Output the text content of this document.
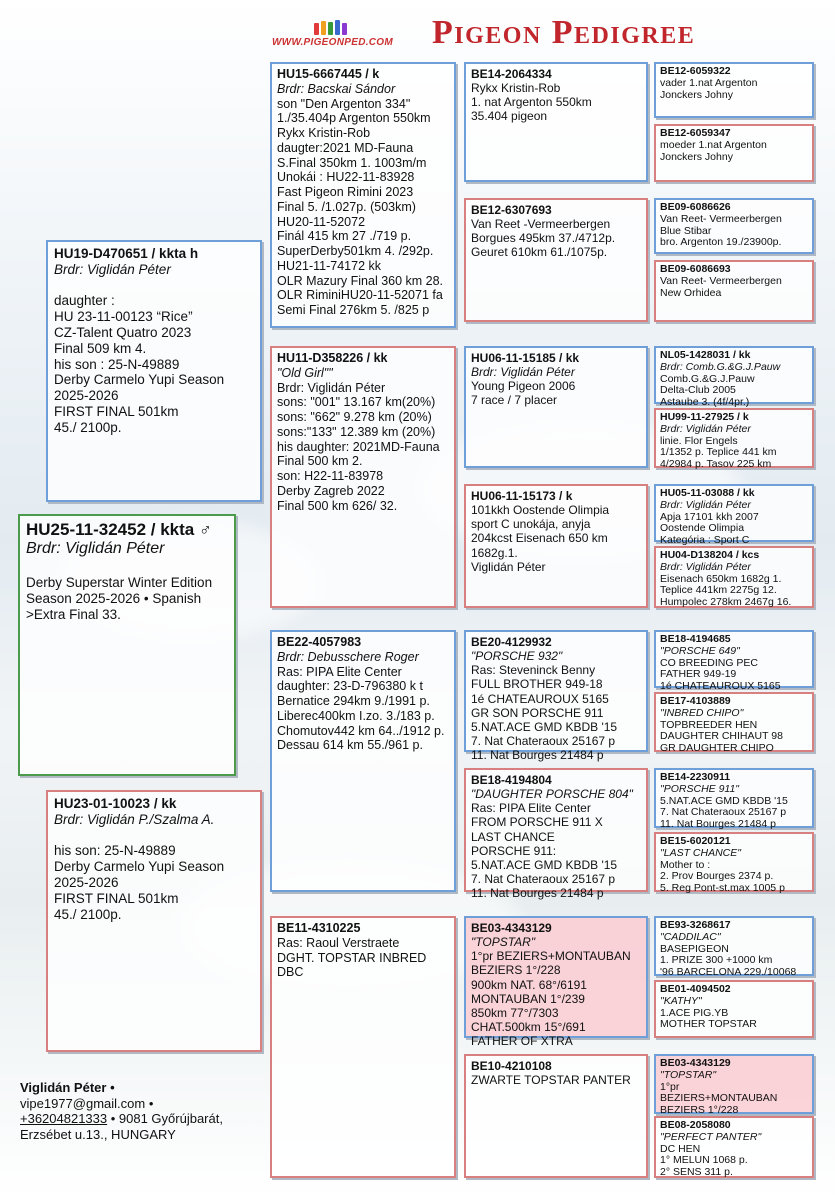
WWW.PIGEONPED.COM Pigeon Pedigree
HU25-11-32452 / kkta ♂
Brdr: Viglidán Péter
Derby Superstar Winter Edition
Season 2025-2026 • Spanish
>Extra Final 33.
HU19-D470651 / kkta h
Brdr: Viglidán Péter
daughter :
HU 23-11-00123 “Rice”
CZ-Talent Quatro 2023
Final 509 km 4.
his son : 25-N-49889
Derby Carmelo Yupi Season
2025-2026
FIRST FINAL 501km
45./ 2100p.
HU23-01-10023 / kk
Brdr: Viglidán P./Szalma A.
his son: 25-N-49889
Derby Carmelo Yupi Season
2025-2026
FIRST FINAL 501km
45./ 2100p.
HU15-6667445 / k
Brdr: Bacskai Sándor
son "Den Argenton 334"
1./35.404p Argenton 550km
Rykx Kristin-Rob
daugter:2021 MD-Fauna
S.Final 350km 1. 1003m/m
Unokái : HU22-11-83928
Fast Pigeon Rimini 2023
Final 5. /1.027p. (503km)
HU20-11-52072
Finál 415 km 27 ./719 p.
SuperDerby501km 4. /292p.
HU21-11-74172 kk
OLR Mazury Final 360 km 28.
OLR RiminiHU20-11-52071 fa
Semi Final 276km 5. /825 p
HU11-D358226 / kk
"Old Girl""
Brdr: Viglidán Péter
sons: "001" 13.167 km(20%)
sons: "662" 9.278 km (20%)
sons:"133" 12.389 km (20%)
his daughter: 2021MD-Fauna
Final 500 km 2.
son: H22-11-83978
Derby Zagreb 2022
Final 500 km 626/ 32.
BE22-4057983
Brdr: Debusschere Roger
Ras: PIPA Elite Center
daughter: 23-D-796380 k t
Bernatice 294km 9./1991 p.
Liberec400km I.zo. 3./183 p.
Chomutov442 km 64../1912 p.
Dessau 614 km 55./961 p.
BE11-4310225
Ras: Raoul Verstraete
DGHT. TOPSTAR INBRED
DBC
BE14-2064334
Rykx Kristin-Rob
1. nat Argenton 550km
35.404 pigeon
BE12-6307693
Van Reet -Vermeerbergen
Borgues 495km 37./4712p.
Geuret 610km 61./1075p.
HU06-11-15185 / kk
Brdr: Viglidán Péter
Young Pigeon 2006
7 race / 7 placer
HU06-11-15173 / k
101kkh Oostende Olimpia
sport C unokája, anyja
204kcst Eisenach 650 km
1682g.1.
Viglidán Péter
BE20-4129932
"PORSCHE 932"
Ras: Steveninck Benny
FULL BROTHER 949-18
1é CHATEAUROUX 5165
GR SON PORSCHE 911
5.NAT.ACE GMD KBDB '15
7. Nat Chateraoux 25167 p
11. Nat Bourges 21484 p
BE18-4194804
"DAUGHTER PORSCHE 804"
Ras: PIPA Elite Center
FROM PORSCHE 911 X
LAST CHANCE
PORSCHE 911:
5.NAT.ACE GMD KBDB '15
7. Nat Chateraoux 25167 p
11. Nat Bourges 21484 p
BE03-4343129
"TOPSTAR"
1°pr BEZIERS+MONTAUBAN
BEZIERS 1°/228
900km NAT. 68°/6191
MONTAUBAN 1°/239
850km 77°/7303
CHAT.500km 15°/691
FATHER OF XTRA
BE10-4210108
ZWARTE TOPSTAR PANTER
BE12-6059322
vader 1.nat Argenton
Jonckers Johny
BE12-6059347
moeder 1.nat Argenton
Jonckers Johny
BE09-6086626
Van Reet- Vermeerbergen
Blue Stibar
bro. Argenton 19./23900p.
BE09-6086693
Van Reet- Vermeerbergen
New Orhidea
NL05-1428031 / kk
Brdr: Comb.G.&G.J.Pauw
Comb.G.&G.J.Pauw
Delta-Club 2005
Astaube 3. (4f/4pr.)
HU99-11-27925 / k
Brdr: Viglidán Péter
linie. Flor Engels
1/1352 p. Teplice 441 km
4/2984 p. Tasov 225 km
HU05-11-03088 / kk
Brdr: Viglidán Péter
Apja 17101 kkh 2007
Oostende Olimpia
Kategória : Sport C
HU04-D138204 / kcs
Brdr: Viglidán Péter
Eisenach 650km 1682g 1.
Teplice 441km 2275g 12.
Humpolec 278km 2467g 16.
BE18-4194685
"PORSCHE 649"
CO BREEDING PEC
FATHER 949-19
1é CHATEAUROUX 5165
BE17-4103889
"INBRED CHIPO"
TOPBREEDER HEN
DAUGHTER CHIHAUT 98
GR DAUGHTER CHIPO
BE14-2230911
"PORSCHE 911"
5.NAT.ACE GMD KBDB '15
7. Nat Chateraoux 25167 p
11. Nat Bourges 21484 p
BE15-6020121
"LAST CHANCE"
Mother to :
2. Prov Bourges 2374 p.
5. Reg Pont-st.max 1005 p
BE93-3268617
"CADDILAC"
BASEPIGEON
1. PRIZE 300 +1000 km
'96 BARCELONA 229./10068
BE01-4094502
"KATHY"
1.ACE PIG.YB
MOTHER TOPSTAR
BE03-4343129
"TOPSTAR"
1°pr
BEZIERS+MONTAUBAN
BEZIERS 1°/228
BE08-2058080
"PERFECT PANTER"
DC HEN
1° MELUN 1068 p.
2° SENS 311 p.
Viglidán Péter •
vipe1977@gmail.com •
+36204821333 • 9081 Győrújbarát,
Erzsébet u.13., HUNGARY
